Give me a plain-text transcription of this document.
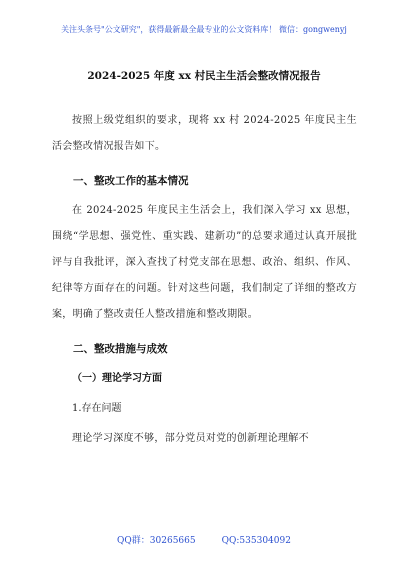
关注头条号"公文研究"，获得最新最全最专业的公文资料库！ 微信：gongwenyj
2024-2025 年度 xx 村民主生活会整改情况报告

按照上级党组织的要求，现将 xx 村 2024-2025 年度民主生活会整改情况报告如下。

一、整改工作的基本情况

在 2024-2025 年度民主生活会上，我们深入学习 xx 思想，围绕“学思想、强党性、重实践、建新功”的总要求通过认真开展批评与自我批评，深入查找了村党支部在思想、政治、组织、作风、纪律等方面存在的问题。针对这些问题，我们制定了详细的整改方案，明确了整改责任人整改措施和整改期限。

二、整改措施与成效
（一）理论学习方面
1.存在问题

理论学习深度不够，部分党员对党的创新理论理解不

QQ群：30265665	QQ:535304092
